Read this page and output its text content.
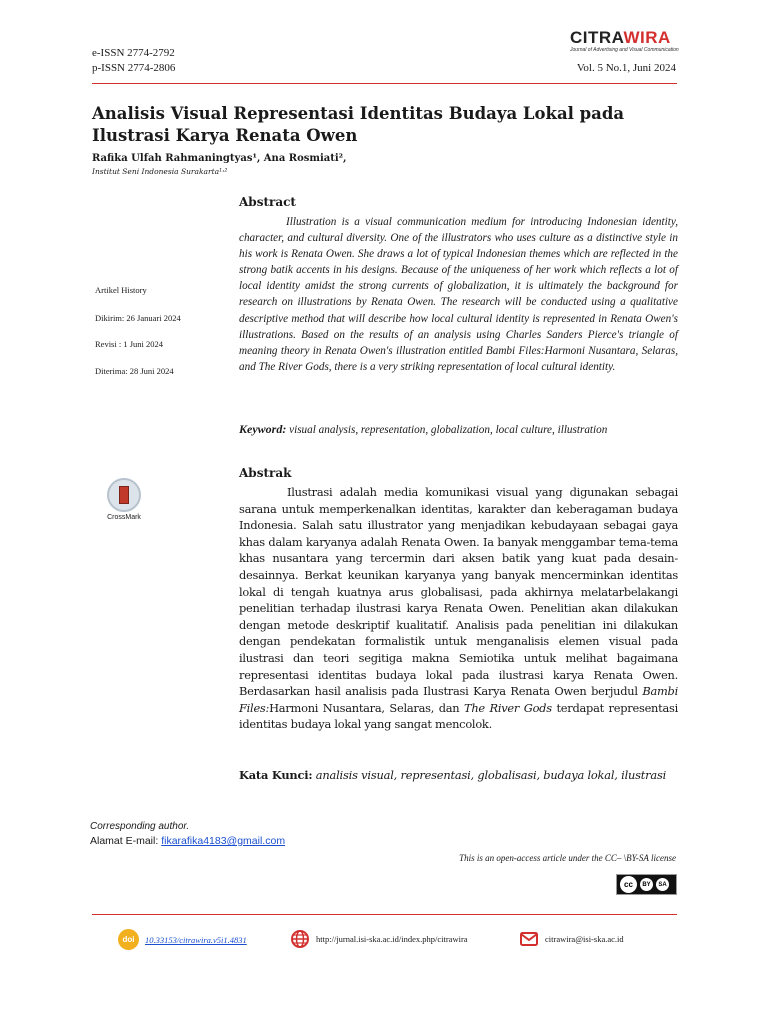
e-ISSN 2774-2792
p-ISSN 2774-2806
CITRAWIRA
Journal of Advertising and Visual Communication
Vol. 5 No.1, Juni 2024
Analisis Visual Representasi Identitas Budaya Lokal pada Ilustrasi Karya Renata Owen
Rafika Ulfah Rahmaningtyas¹, Ana Rosmiati²,
Institut Seni Indonesia Surakarta¹˒²
Artikel History
Dikirim: 26 Januari 2024
Revisi : 1 Juni 2024
Diterima: 28 Juni 2024
CrossMark
Abstract
Illustration is a visual communication medium for introducing Indonesian identity, character, and cultural diversity. One of the illustrators who uses culture as a distinctive style in his work is Renata Owen. She draws a lot of typical Indonesian themes which are reflected in the strong batik accents in his designs. Because of the uniqueness of her work which reflects a lot of local identity amidst the strong currents of globalization, it is ultimately the background for research on illustrations by Renata Owen. The research will be conducted using a qualitative descriptive method that will describe how local cultural identity is represented in Renata Owen's illustrations. Based on the results of an analysis using Charles Sanders Pierce's triangle of meaning theory in Renata Owen's illustration entitled Bambi Files:Harmoni Nusantara, Selaras, and The River Gods, there is a very striking representation of local cultural identity.
Keyword: visual analysis, representation, globalization, local culture, illustration
Abstrak
Ilustrasi adalah media komunikasi visual yang digunakan sebagai sarana untuk memperkenalkan identitas, karakter dan keberagaman budaya Indonesia. Salah satu illustrator yang menjadikan kebudayaan sebagai gaya khas dalam karyanya adalah Renata Owen. Ia banyak menggambar tema-tema khas nusantara yang tercermin dari aksen batik yang kuat pada desain-desainnya. Berkat keunikan karyanya yang banyak mencerminkan identitas lokal di tengah kuatnya arus globalisasi, pada akhirnya melatarbelakangi penelitian terhadap ilustrasi karya Renata Owen. Penelitian akan dilakukan dengan metode deskriptif kualitatif. Analisis pada penelitian ini dilakukan dengan pendekatan formalistik untuk menganalisis elemen visual pada ilustrasi dan teori segitiga makna Semiotika untuk melihat bagaimana representasi identitas budaya lokal pada ilustrasi karya Renata Owen. Berdasarkan hasil analisis pada Ilustrasi Karya Renata Owen berjudul Bambi Files:Harmoni Nusantara, Selaras, dan The River Gods terdapat representasi identitas budaya lokal yang sangat mencolok.
Kata Kunci: analisis visual, representasi, globalisasi, budaya lokal, ilustrasi
Corresponding author.
Alamat E-mail: fikarafika4183@gmail.com
This is an open-access article under the CC– \BY-SA license
cc	BY	SA
doi	10.33153/citrawira.v5i1.4831	http://jurnal.isi-ska.ac.id/index.php/citrawira	citrawira@isi-ska.ac.id
